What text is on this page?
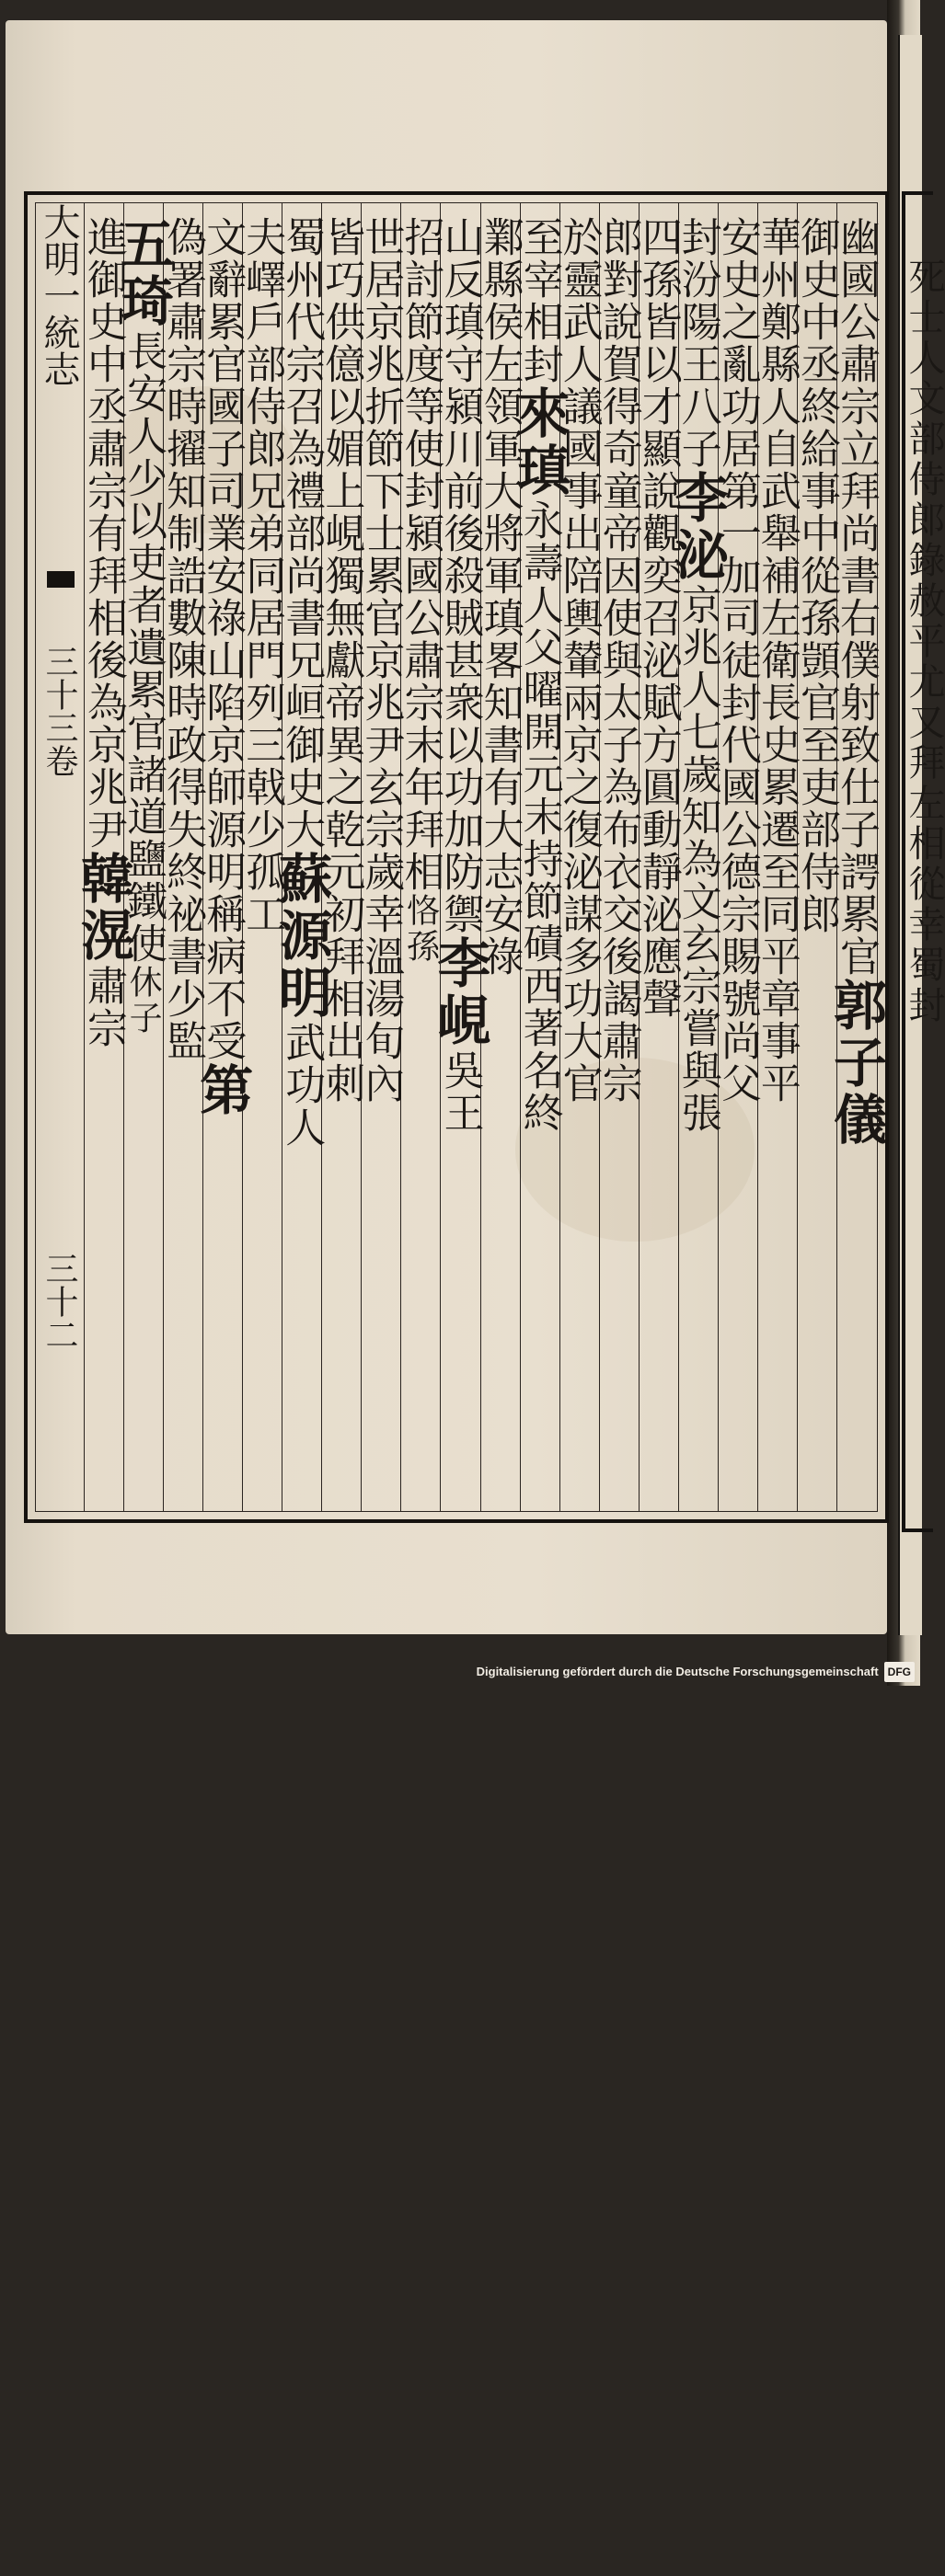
死士人文部侍郎錄赦平尤又拜左相從幸蜀封
大明一統志
三十三卷
三十二
幽國公肅宗立拜尚書右僕射致仕子諤累官郭子儀
御史中丞終給事中從孫顗官至吏部侍郎
華州鄭縣人自武舉補左衛長史累遷至同平章事平
安史之亂功居第一加司徒封代國公德宗賜號尚父
封汾陽王八子李泌京兆人七歲知為文玄宗嘗與張
四孫皆以才顯說觀奕召泌賦方圓動靜泌應聲
郎對說賀得奇童帝因使與太子為布衣交後謁肅宗
於靈武人議國事出陪輿輦兩京之復泌謀多功大官
至宰相封來瑱永壽人父曜開元末持節磧西著名終
鄴縣侯左領軍大將軍瑱畧知書有大志安祿
山反瑱守潁川前後殺賊甚衆以功加防禦李峴吳王
招討節度等使封潁國公肅宗末年拜相恪孫
世居京兆折節下士累官京兆尹玄宗歲幸溫湯旬內
皆巧供億以媚上峴獨無獻帝異之乾元初拜相出刺
蜀州代宗召為禮部尚書兄峘御史大蘇源明武功人
夫嶧戶部侍郎兄弟同居門列三戟少孤工
文辭累官國子司業安祿山陷京師源明稱病不受第
偽署肅宗時擢知制誥數陳時政得失終祕書少監
五琦長安人少以吏者遺累官諸道鹽鐵使休子
進御史中丞肅宗有拜相後為京兆尹韓滉肅宗
Digitalisierung gefördert durch die Deutsche Forschungsgemeinschaft DFG
